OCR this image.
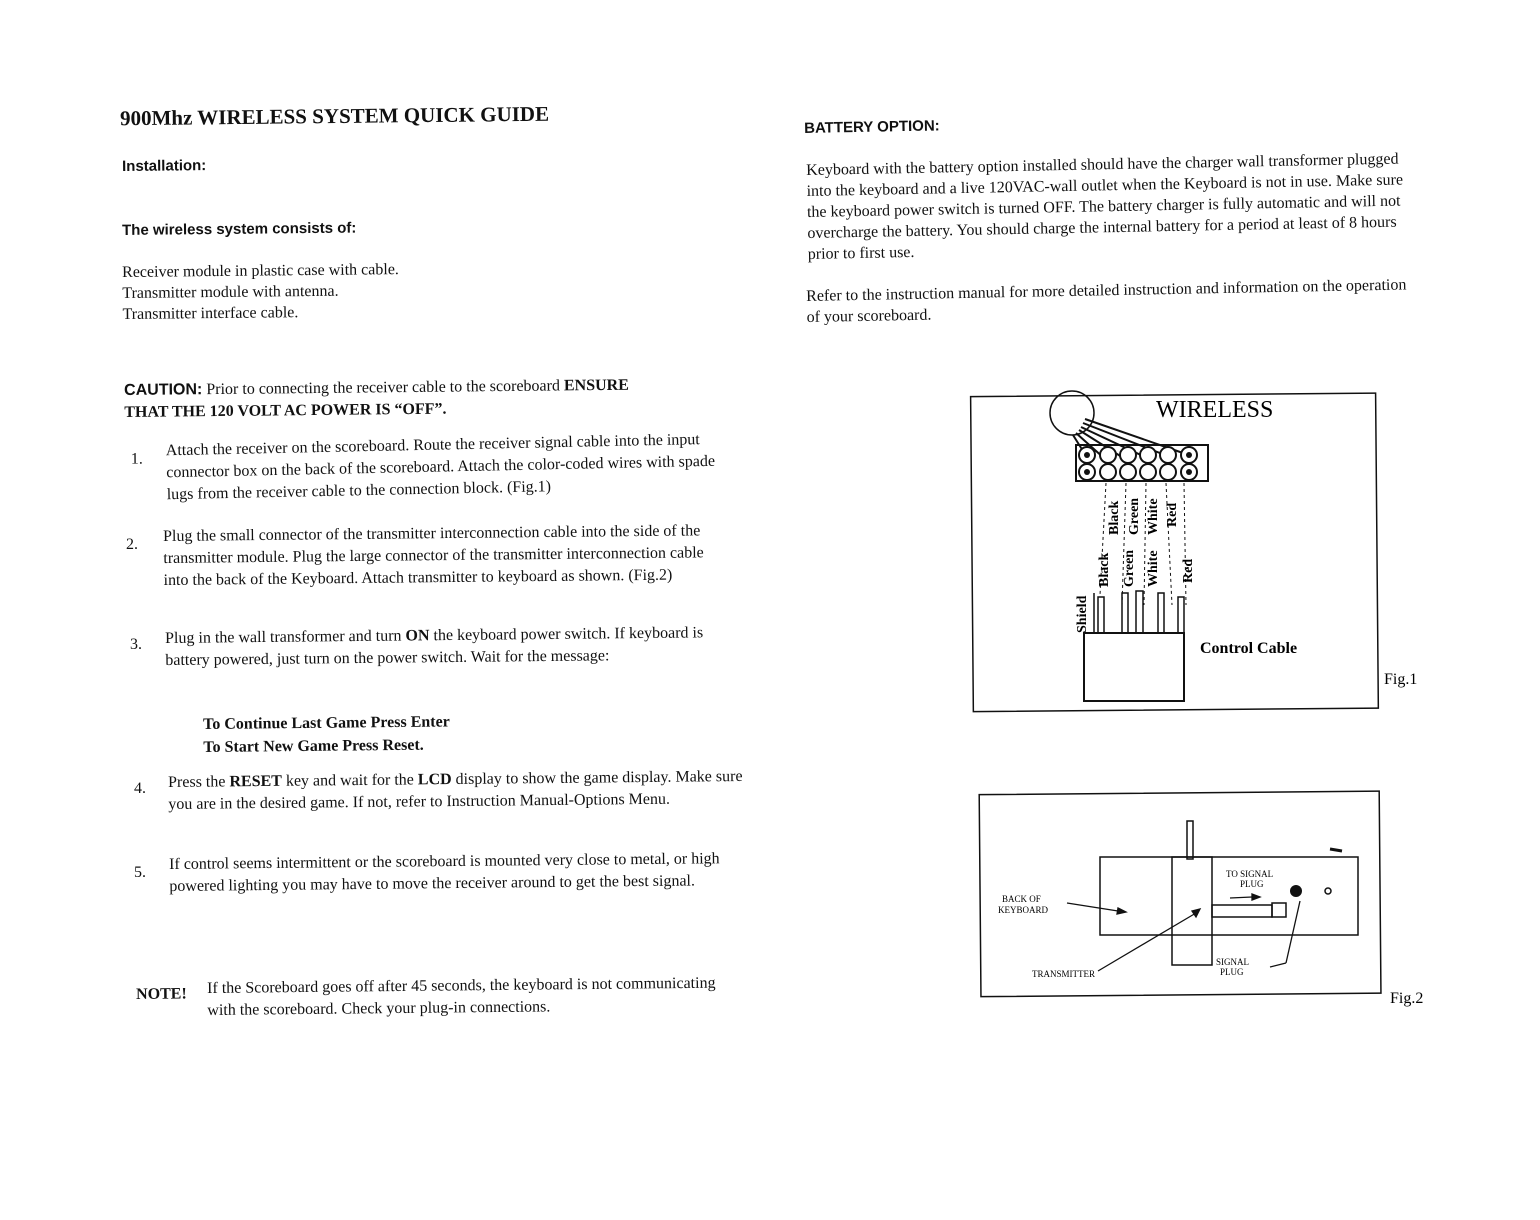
900Mhz WIRELESS SYSTEM QUICK GUIDE
Installation:
The wireless system consists of:
Receiver module in plastic case with cable.
Transmitter module with antenna.
Transmitter interface cable.
CAUTION: Prior to connecting the receiver cable to the scoreboard ENSURE
THAT THE 120 VOLT AC POWER IS “OFF”.
1.	Attach the receiver on the scoreboard. Route the receiver signal cable into the input connector box on the back of the scoreboard. Attach the color-coded wires with spade lugs from the receiver cable to the connection block. (Fig.1)
2.	Plug the small connector of the transmitter interconnection cable into the side of the transmitter module. Plug the large connector of the transmitter interconnection cable into the back of the Keyboard. Attach transmitter to keyboard as shown. (Fig.2)
3.	Plug in the wall transformer and turn ON the keyboard power switch. If keyboard is battery powered, just turn on the power switch. Wait for the message:
To Continue Last Game Press Enter
To Start New Game Press Reset.
4.	Press the RESET key and wait for the LCD display to show the game display. Make sure you are in the desired game. If not, refer to Instruction Manual-Options Menu.
5.	If control seems intermittent or the scoreboard is mounted very close to metal, or high powered lighting you may have to move the receiver around to get the best signal.
NOTE! If the Scoreboard goes off after 45 seconds, the keyboard is not communicating with the scoreboard. Check your plug-in connections.
BATTERY OPTION:
Keyboard with the battery option installed should have the charger wall transformer plugged into the keyboard and a live 120VAC-wall outlet when the Keyboard is not in use. Make sure the keyboard power switch is turned OFF. The battery charger is fully automatic and will not overcharge the battery. You should charge the internal battery for a period at least of 8 hours prior to first use.
Refer to the instruction manual for more detailed instruction and information on the operation of your scoreboard.
WIRELESS
Black Green White Red
Shield
Black Green White Red
Control Cable
Fig.1
TO SIGNAL
PLUG
BACK OF
KEYBOARD
TRANSMITTER
SIGNAL
PLUG
Fig.2
